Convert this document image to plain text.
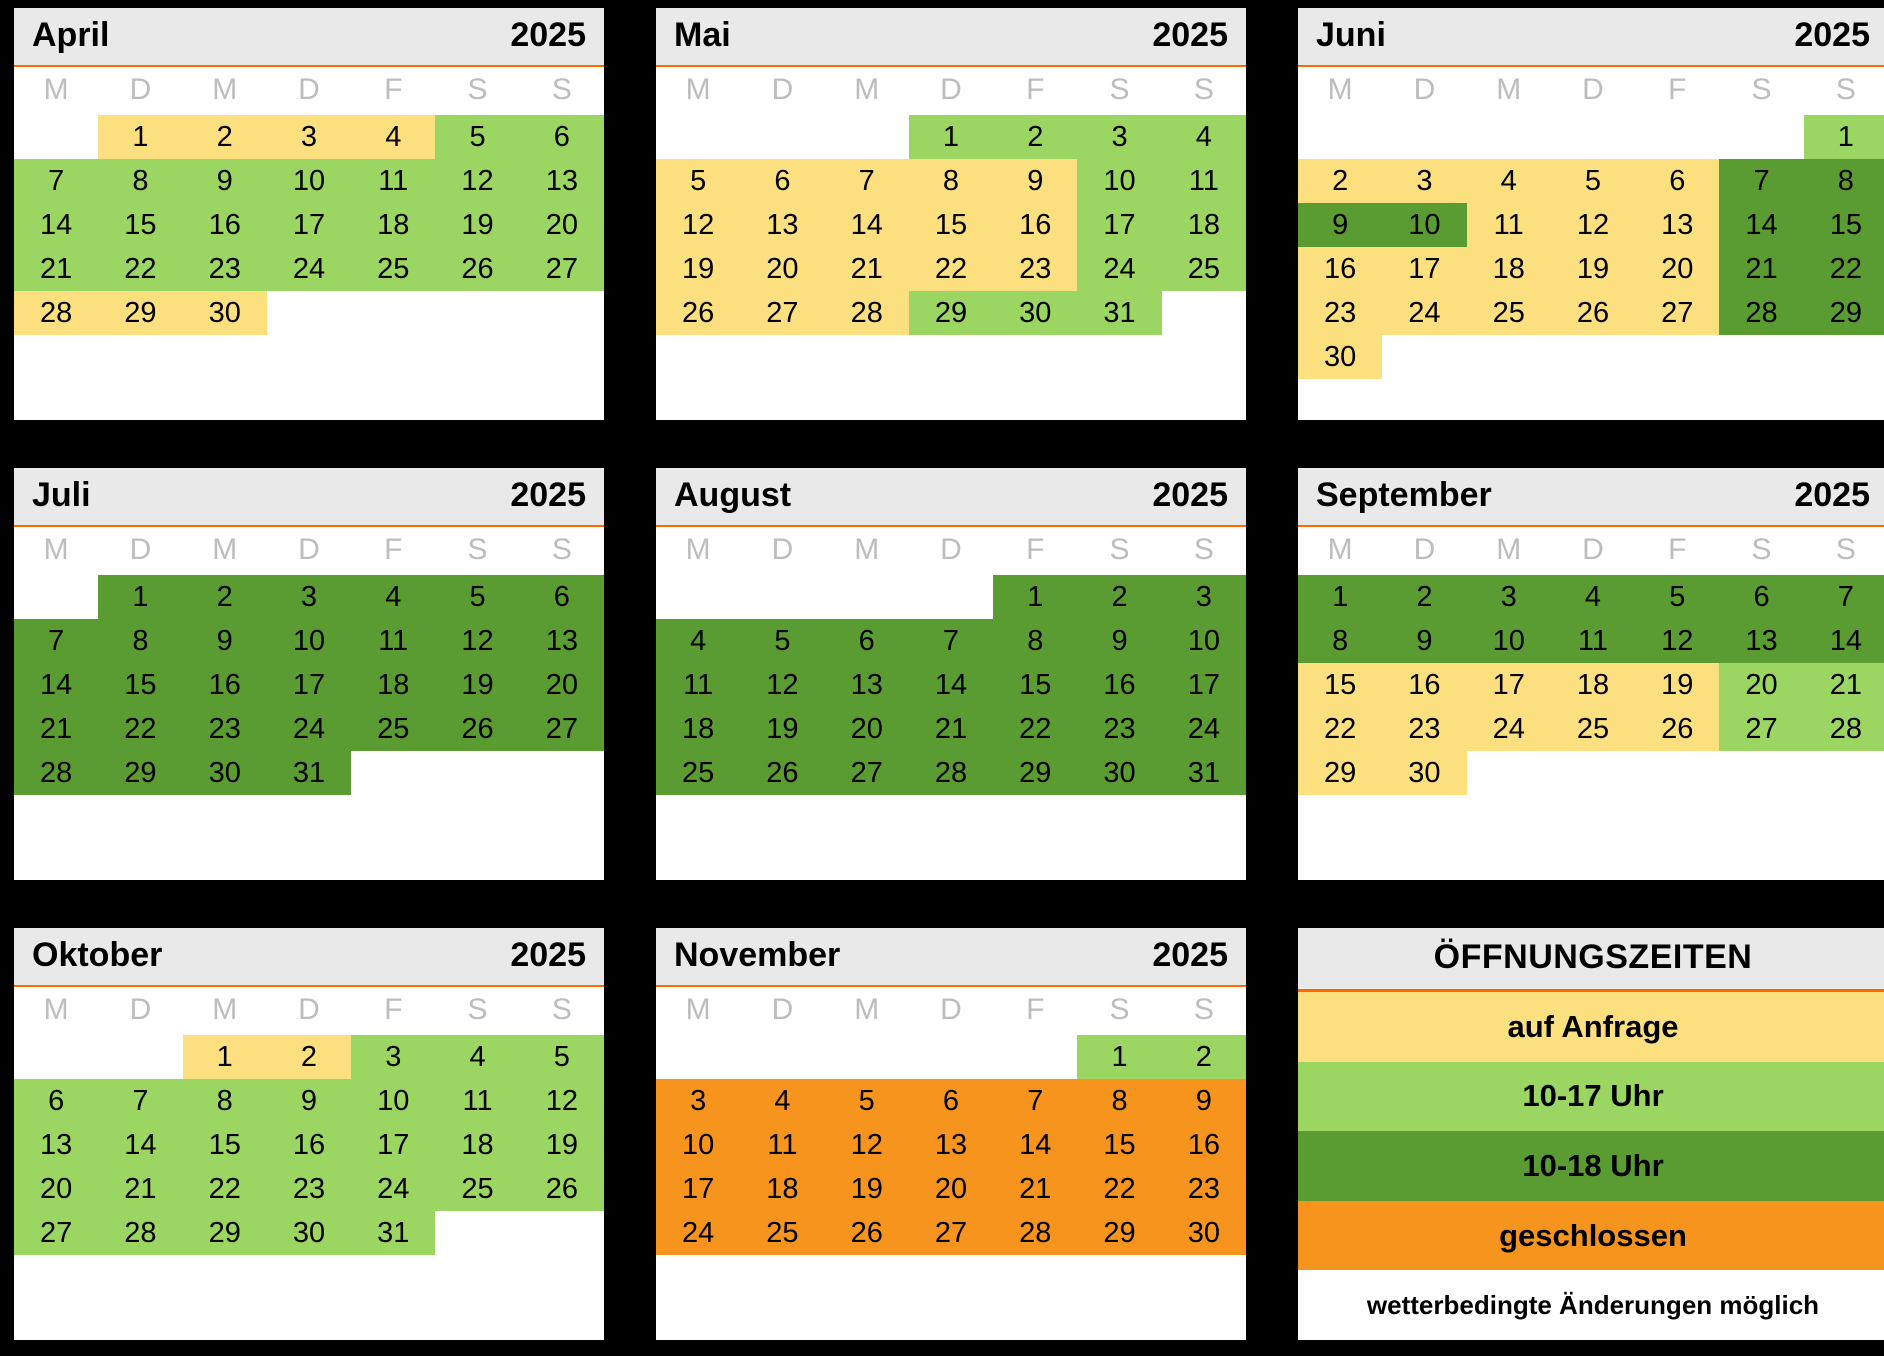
April	2025
M	D	M	D	F	S	S
	1	2	3	4	5	6
7	8	9	10	11	12	13
14	15	16	17	18	19	20
21	22	23	24	25	26	27
28	29	30				
Mai	2025
M	D	M	D	F	S	S
			1	2	3	4
5	6	7	8	9	10	11
12	13	14	15	16	17	18
19	20	21	22	23	24	25
26	27	28	29	30	31	
Juni	2025
M	D	M	D	F	S	S
						1
2	3	4	5	6	7	8
9	10	11	12	13	14	15
16	17	18	19	20	21	22
23	24	25	26	27	28	29
30						
Juli	2025
M	D	M	D	F	S	S
	1	2	3	4	5	6
7	8	9	10	11	12	13
14	15	16	17	18	19	20
21	22	23	24	25	26	27
28	29	30	31			
August	2025
M	D	M	D	F	S	S
				1	2	3
4	5	6	7	8	9	10
11	12	13	14	15	16	17
18	19	20	21	22	23	24
25	26	27	28	29	30	31
September	2025
M	D	M	D	F	S	S
1	2	3	4	5	6	7
8	9	10	11	12	13	14
15	16	17	18	19	20	21
22	23	24	25	26	27	28
29	30					
Oktober	2025
M	D	M	D	F	S	S
		1	2	3	4	5
6	7	8	9	10	11	12
13	14	15	16	17	18	19
20	21	22	23	24	25	26
27	28	29	30	31		
November	2025
M	D	M	D	F	S	S
					1	2
3	4	5	6	7	8	9
10	11	12	13	14	15	16
17	18	19	20	21	22	23
24	25	26	27	28	29	30
ÖFFNUNGSZEITEN
auf Anfrage
10-17 Uhr
10-18 Uhr
geschlossen
wetterbedingte Änderungen möglich
